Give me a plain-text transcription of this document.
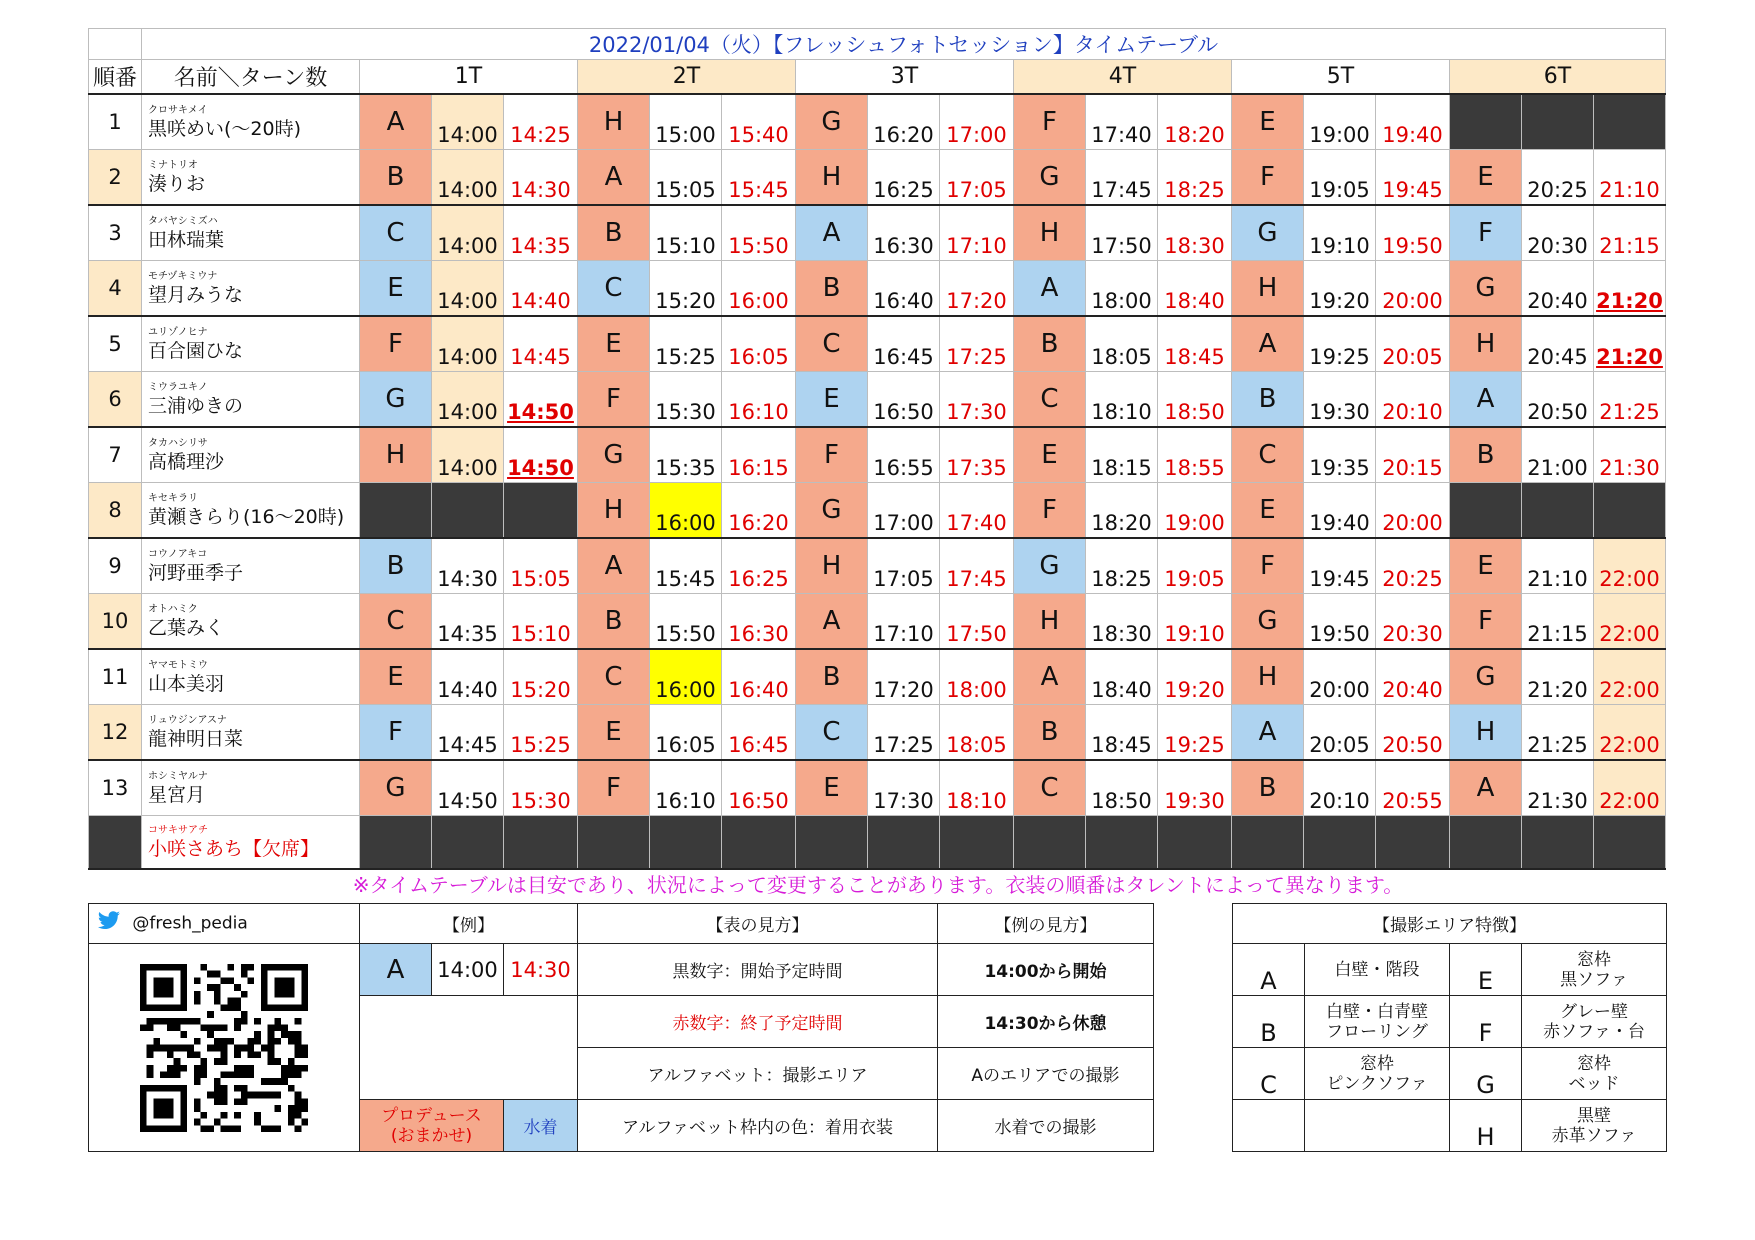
	2022/01/04（火）【フレッシュフォトセッション】タイムテーブル																		
順番	名前＼ターン数	1T			2T			3T			4T			5T			6T		
1	クロサキメイ
黒咲めい(～20時)	A	14:00	14:25	H	15:00	15:40	G	16:20	17:00	F	17:40	18:20	E	19:00	19:40			
2	ミナトリオ
湊りお	B	14:00	14:30	A	15:05	15:45	H	16:25	17:05	G	17:45	18:25	F	19:05	19:45	E	20:25	21:10
3	タバヤシミズハ
田林瑞葉	C	14:00	14:35	B	15:10	15:50	A	16:30	17:10	H	17:50	18:30	G	19:10	19:50	F	20:30	21:15
4	モチヅキミウナ
望月みうな	E	14:00	14:40	C	15:20	16:00	B	16:40	17:20	A	18:00	18:40	H	19:20	20:00	G	20:40	21:20
5	ユリゾノヒナ
百合園ひな	F	14:00	14:45	E	15:25	16:05	C	16:45	17:25	B	18:05	18:45	A	19:25	20:05	H	20:45	21:20
6	ミウラユキノ
三浦ゆきの	G	14:00	14:50	F	15:30	16:10	E	16:50	17:30	C	18:10	18:50	B	19:30	20:10	A	20:50	21:25
7	タカハシリサ
高橋理沙	H	14:00	14:50	G	15:35	16:15	F	16:55	17:35	E	18:15	18:55	C	19:35	20:15	B	21:00	21:30
8	キセキラリ
黄瀬きらり(16～20時)				H	16:00	16:20	G	17:00	17:40	F	18:20	19:00	E	19:40	20:00			
9	コウノアキコ
河野亜季子	B	14:30	15:05	A	15:45	16:25	H	17:05	17:45	G	18:25	19:05	F	19:45	20:25	E	21:10	22:00
10	オトハミク
乙葉みく	C	14:35	15:10	B	15:50	16:30	A	17:10	17:50	H	18:30	19:10	G	19:50	20:30	F	21:15	22:00
11	ヤマモトミウ
山本美羽	E	14:40	15:20	C	16:00	16:40	B	17:20	18:00	A	18:40	19:20	H	20:00	20:40	G	21:20	22:00
12	リュウジンアスナ
龍神明日菜	F	14:45	15:25	E	16:05	16:45	C	17:25	18:05	B	18:45	19:25	A	20:05	20:50	H	21:25	22:00
13	ホシミヤルナ
星宮月	G	14:50	15:30	F	16:10	16:50	E	17:30	18:10	C	18:50	19:30	B	20:10	20:55	A	21:30	22:00

	コサキサアチ
小咲さあち【欠席】																		

※タイムテーブルは目安であり、状況によって変更することがあります。衣装の順番はタレントによって異なります。
@fresh_pedia	【例】			【表の見方】	【例の見方】

	A	14:00	14:30	黒数字：開始予定時間	14:00から開始
				赤数字：終了予定時間	14:30から休憩
				アルファベット：撮影エリア	Aのエリアでの撮影
	プロデュース
(おまかせ)		水着	アルファベット枠内の色：着用衣装	水着での撮影
【撮影エリア特徴】			
A	白壁・階段	E	窓枠
黒ソファ
B	白壁・白青壁
フローリング	F	グレー壁
赤ソファ・台
C	窓枠
ピンクソファ	G	窓枠
ベッド
		H	黒壁
赤革ソファ
